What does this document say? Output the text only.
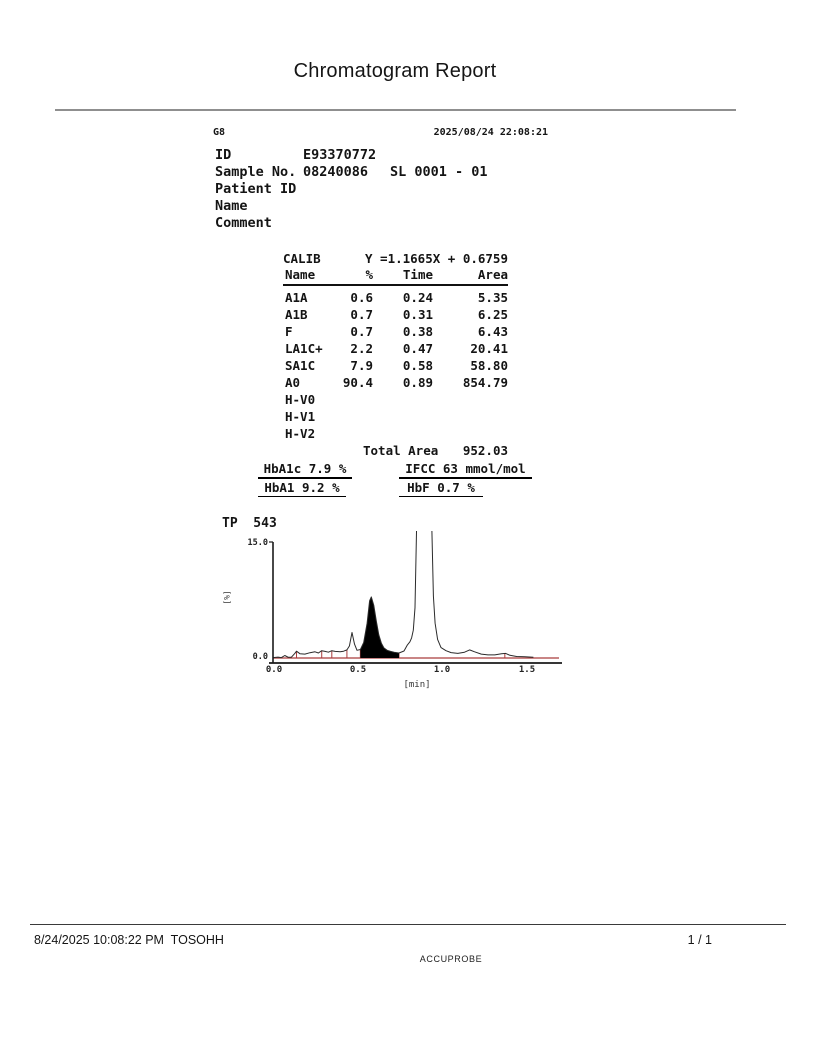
Chromatogram Report
G8	2025/08/24 22:08:21
ID	E93370772
Sample No. 08240086 SL 0001 - 01
Patient ID
Name
Comment
CALIB	Y =1.1665X + 0.6759
Name	%	Time	Area
A1A	0.6	0.24	5.35
A1B	0.7	0.31	6.25
F	0.7	0.38	6.43
LA1C+	2.2	0.47	20.41
SA1C	7.9	0.58	58.80
A0	90.4	0.89	854.79
H-V0
H-V1
H-V2
Total Area	952.03
HbA1c 7.9 %	IFCC 63 mmol/mol
HbA1 9.2 %	HbF 0.7 %
TP  543
15.0
0.0
[%]
0.0	0.5	1.0	1.5
[min]
8/24/2025 10:08:22 PM  TOSOHH	1 / 1
ACCUPROBE
